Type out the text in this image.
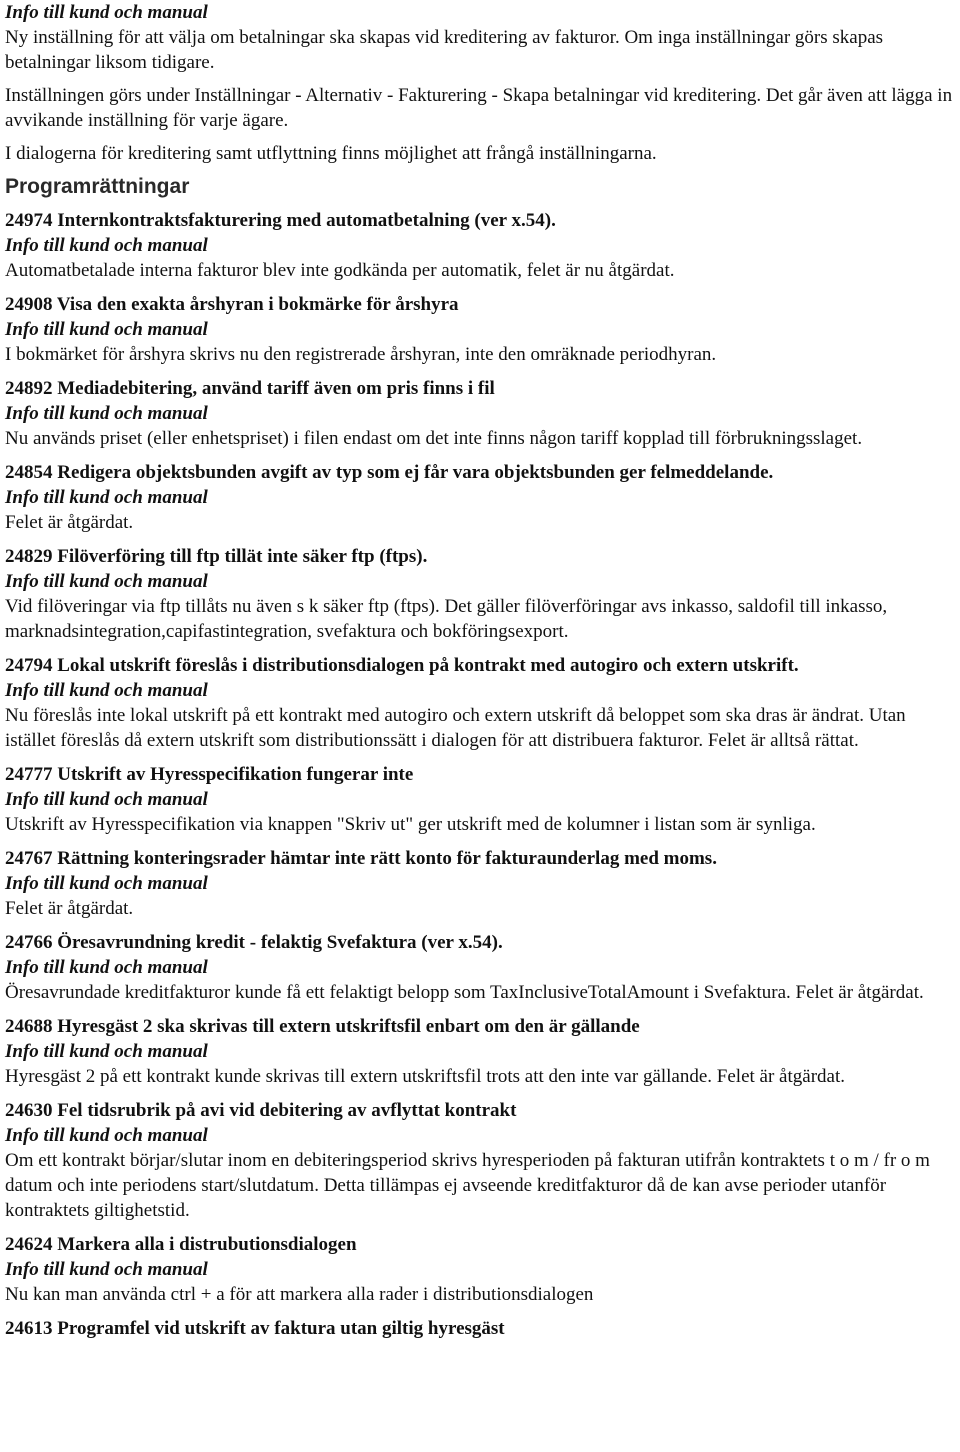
Info till kund och manual

Ny inställning för att välja om betalningar ska skapas vid kreditering av fakturor. Om inga inställningar görs skapas betalningar liksom tidigare.

Inställningen görs under Inställningar - Alternativ - Fakturering - Skapa betalningar vid kreditering. Det går även att lägga in avvikande inställning för varje ägare.

I dialogerna för kreditering samt utflyttning finns möjlighet att frångå inställningarna.

Programrättningar

24974 Internkontraktsfakturering med automatbetalning (ver x.54).

Info till kund och manual

Automatbetalade interna fakturor blev inte godkända per automatik, felet är nu åtgärdat.

24908 Visa den exakta årshyran i bokmärke för årshyra

Info till kund och manual

I bokmärket för årshyra skrivs nu den registrerade årshyran, inte den omräknade periodhyran.

24892 Mediadebitering, använd tariff även om pris finns i fil

Info till kund och manual

Nu används priset (eller enhetspriset) i filen endast om det inte finns någon tariff kopplad till förbrukningsslaget.

24854 Redigera objektsbunden avgift av typ som ej får vara objektsbunden ger felmeddelande.

Info till kund och manual

Felet är åtgärdat.

24829 Filöverföring till ftp tillät inte säker ftp (ftps).

Info till kund och manual

Vid filöveringar via ftp tillåts nu även s k säker ftp (ftps). Det gäller filöverföringar avs inkasso, saldofil till inkasso, marknadsintegration,capifastintegration, svefaktura och bokföringsexport.

24794 Lokal utskrift föreslås i distributionsdialogen på kontrakt med autogiro och extern utskrift.

Info till kund och manual

Nu föreslås inte lokal utskrift på ett kontrakt med autogiro och extern utskrift då beloppet som ska dras är ändrat. Utan istället föreslås då extern utskrift som distributionssätt i dialogen för att distribuera fakturor. Felet är alltså rättat.

24777 Utskrift av Hyresspecifikation fungerar inte

Info till kund och manual

Utskrift av Hyresspecifikation via knappen "Skriv ut" ger utskrift med de kolumner i listan som är synliga.

24767 Rättning konteringsrader hämtar inte rätt konto för fakturaunderlag med moms.

Info till kund och manual

Felet är åtgärdat.

24766 Öresavrundning kredit - felaktig Svefaktura (ver x.54).

Info till kund och manual

Öresavrundade kreditfakturor kunde få ett felaktigt belopp som TaxInclusiveTotalAmount i Svefaktura. Felet är åtgärdat.

24688 Hyresgäst 2 ska skrivas till extern utskriftsfil enbart om den är gällande

Info till kund och manual

Hyresgäst 2 på ett kontrakt kunde skrivas till extern utskriftsfil trots att den inte var gällande. Felet är åtgärdat.

24630 Fel tidsrubrik på avi vid debitering av avflyttat kontrakt

Info till kund och manual

Om ett kontrakt börjar/slutar inom en debiteringsperiod skrivs hyresperioden på fakturan utifrån kontraktets t o m / fr o m datum och inte periodens start/slutdatum. Detta tillämpas ej avseende kreditfakturor då de kan avse perioder utanför kontraktets giltighetstid.

24624 Markera alla i distrubutionsdialogen

Info till kund och manual

Nu kan man använda ctrl + a för att markera alla rader i distributionsdialogen

24613 Programfel vid utskrift av faktura utan giltig hyresgäst
